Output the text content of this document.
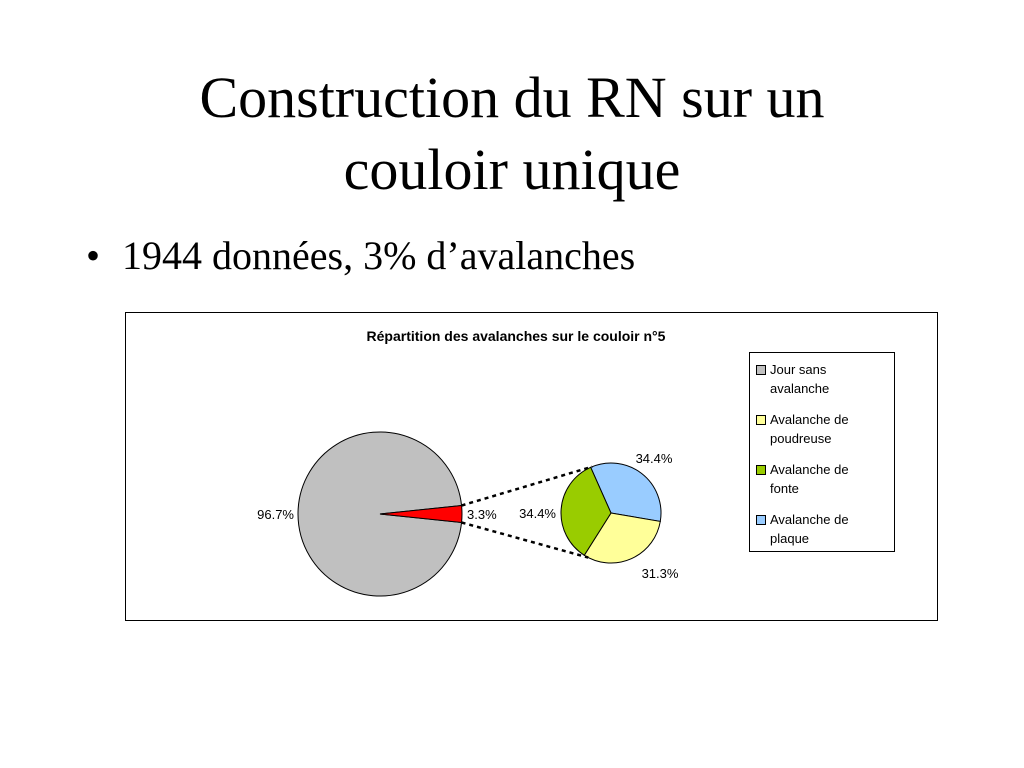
Construction du RN sur un
couloir unique
• 1944 données, 3% d’avalanches
Répartition des avalanches sur le couloir n°5
96.7%	3.3%
34.4%
31.3%
34.4%
Jour sans
avalanche
Avalanche de
poudreuse
Avalanche de
fonte
Avalanche de
plaque
